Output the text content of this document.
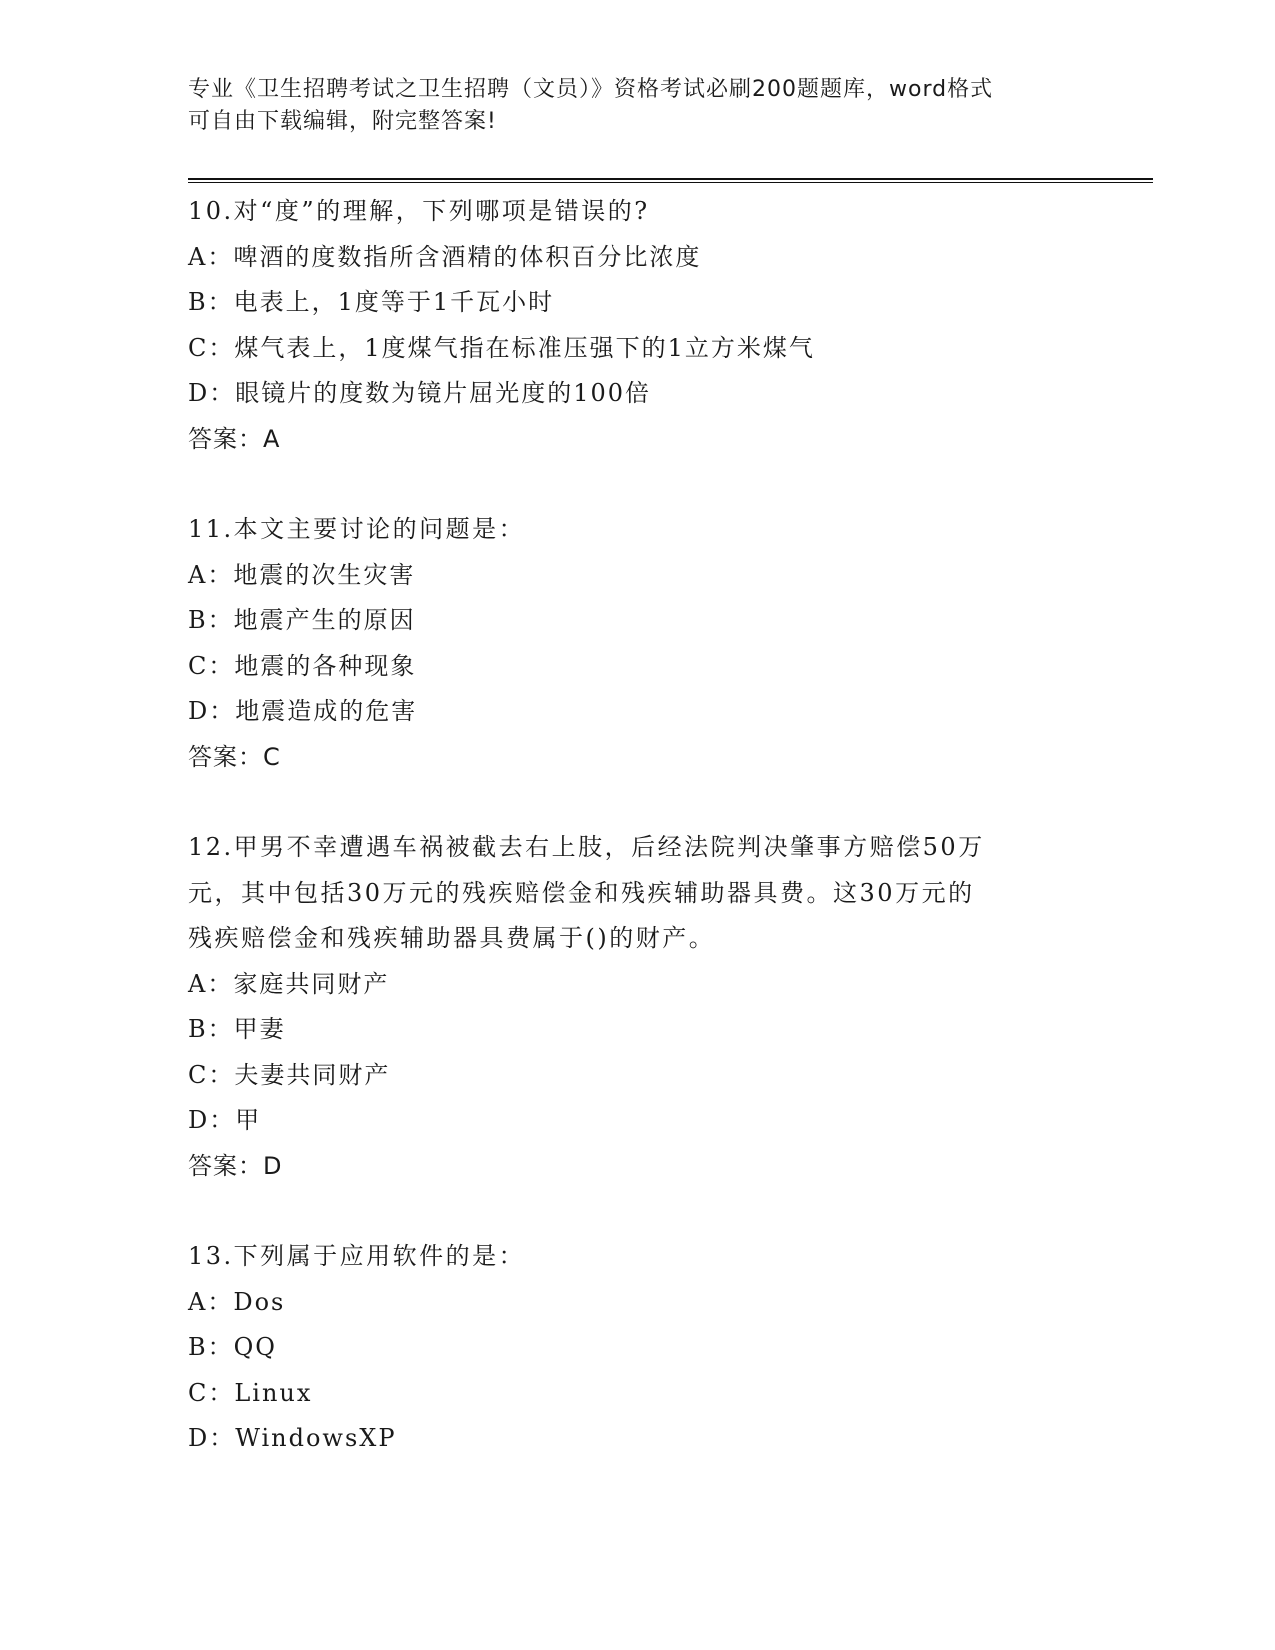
专业《卫生招聘考试之卫生招聘（文员）》资格考试必刷200题题库，word格式
可自由下载编辑，附完整答案!
10.对“度”的理解，下列哪项是错误的?
A：啤酒的度数指所含酒精的体积百分比浓度
B：电表上，1度等于1千瓦小时
C：煤气表上，1度煤气指在标准压强下的1立方米煤气
D：眼镜片的度数为镜片屈光度的100倍
答案：A
11.本文主要讨论的问题是：
A：地震的次生灾害
B：地震产生的原因
C：地震的各种现象
D：地震造成的危害
答案：C
12.甲男不幸遭遇车祸被截去右上肢，后经法院判决肇事方赔偿50万
元，其中包括30万元的残疾赔偿金和残疾辅助器具费。这30万元的
残疾赔偿金和残疾辅助器具费属于()的财产。
A：家庭共同财产
B：甲妻
C：夫妻共同财产
D：甲
答案：D
13.下列属于应用软件的是：
A：Dos
B：QQ
C：Linux
D：WindowsXP
